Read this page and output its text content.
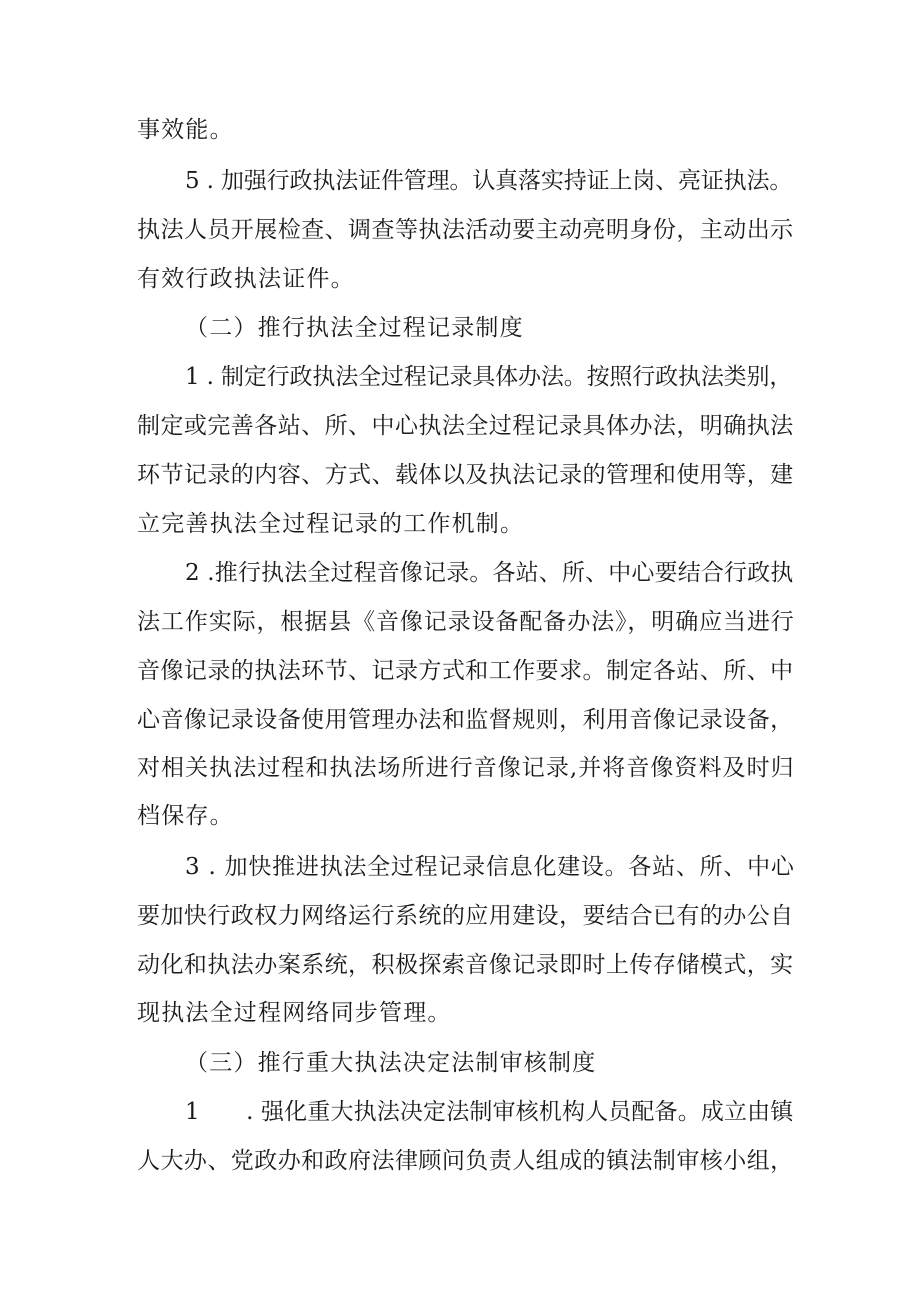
事效能。
5 . 加强行政执法证件管理。认真落实持证上岗、亮证执法。
执法人员开展检查、调查等执法活动要主动亮明身份，主动出示
有效行政执法证件。
（二）推行执法全过程记录制度
1 . 制定行政执法全过程记录具体办法。按照行政执法类别，
制定或完善各站、所、中心执法全过程记录具体办法，明确执法
环节记录的内容、方式、载体以及执法记录的管理和使用等，建
立完善执法全过程记录的工作机制。
2 .推行执法全过程音像记录。各站、所、中心要结合行政执
法工作实际，根据县《音像记录设备配备办法》，明确应当进行
音像记录的执法环节、记录方式和工作要求。制定各站、所、中
心音像记录设备使用管理办法和监督规则，利用音像记录设备，
对相关执法过程和执法场所进行音像记录,并将音像资料及时归
档保存。
3 . 加快推进执法全过程记录信息化建设。各站、所、中心
要加快行政权力网络运行系统的应用建设，要结合已有的办公自
动化和执法办案系统，积极探索音像记录即时上传存储模式，实
现执法全过程网络同步管理。
（三）推行重大执法决定法制审核制度
1　　. 强化重大执法决定法制审核机构人员配备。成立由镇
人大办、党政办和政府法律顾问负责人组成的镇法制审核小组，
